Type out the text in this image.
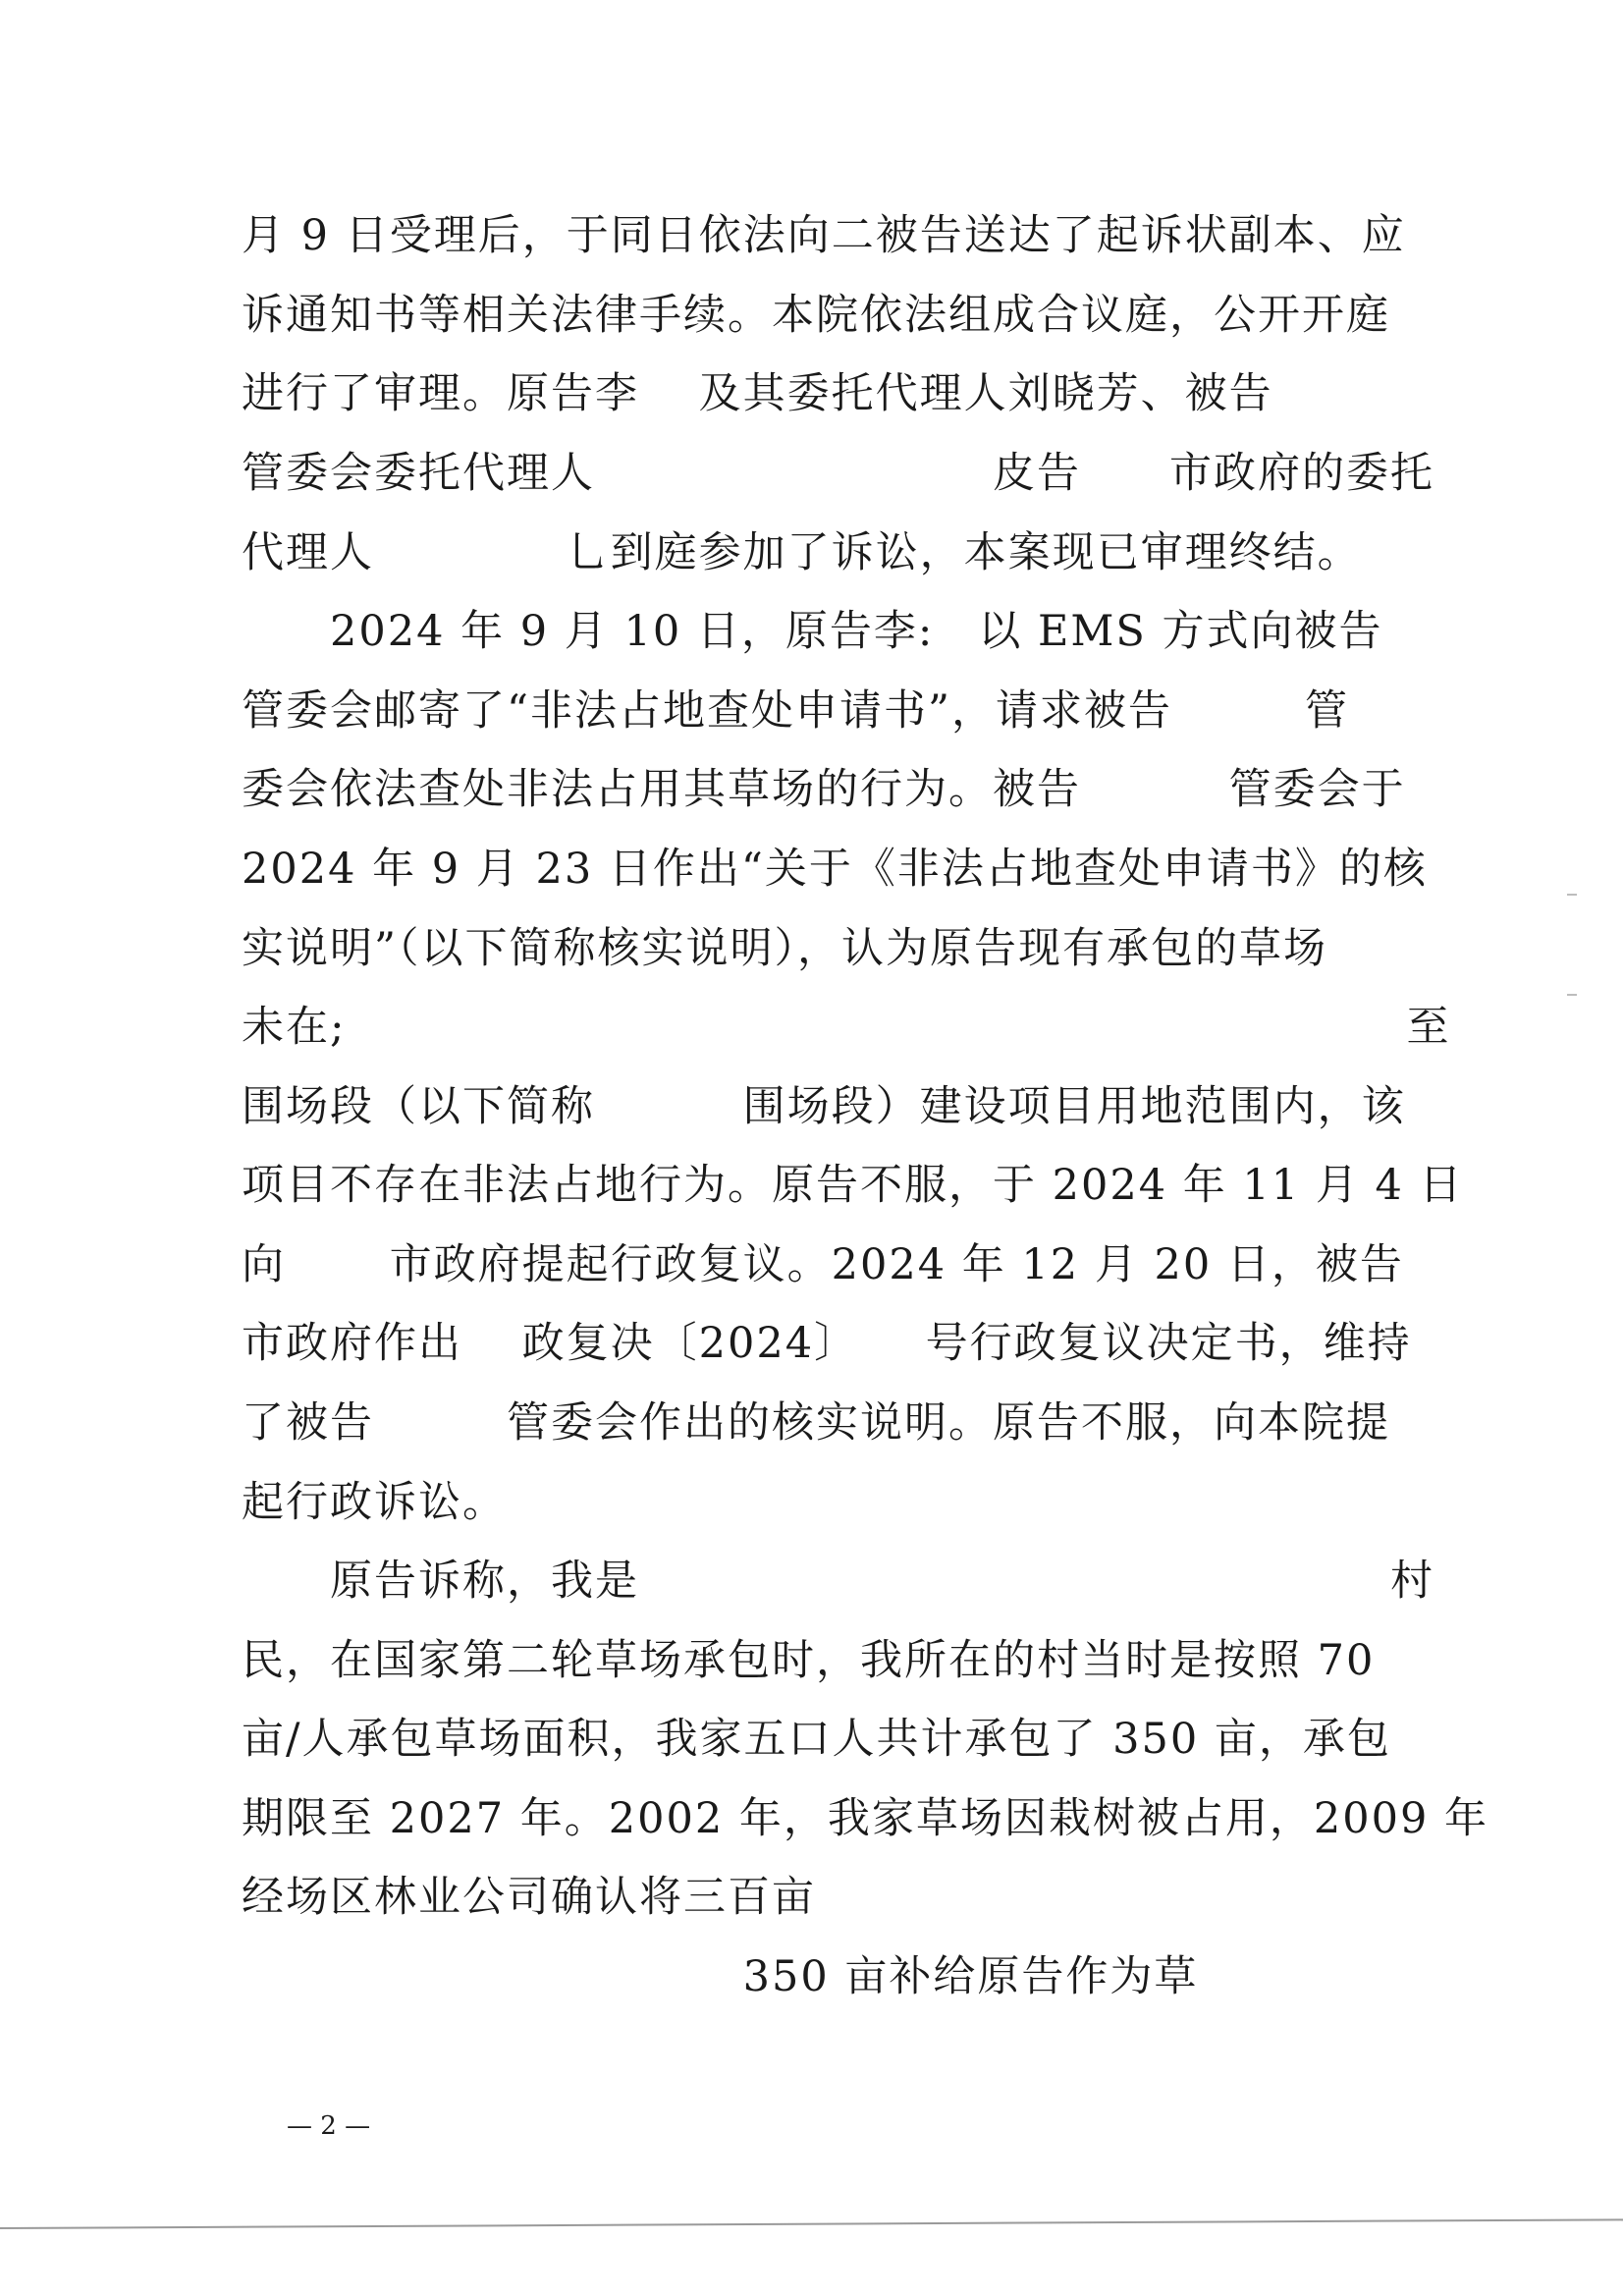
月 9 日受理后，于同日依法向二被告送达了起诉状副本、应
诉通知书等相关法律手续。本院依法组成合议庭，公开开庭
进行了审理。原告李　 及其委托代理人刘晓芳、被告
管委会委托代理人　　　　　　　　　皮告　　市政府的委托
代理人　　　　 乚到庭参加了诉讼，本案现已审理终结。
　　2024 年 9 月 10 日，原告李:　以 EMS 方式向被告
管委会邮寄了“非法占地查处申请书”，请求被告　　　管
委会依法查处非法占用其草场的行为。被告　　　 管委会于
2024 年 9 月 23 日作出“关于《非法占地查处申请书》的核
实说明”（以下简称核实说明），认为原告现有承包的草场
未在;　　　　　　　　　　　　　　　　　　　　　　　　至
围场段（以下简称　　　 围场段）建设项目用地范围内，该
项目不存在非法占地行为。原告不服，于 2024 年 11 月 4 日
向　　 市政府提起行政复议。2024 年 12 月 20 日，被告
市政府作出　 政复决〔2024〕　　号行政复议决定书，维持
了被告　　　管委会作出的核实说明。原告不服，向本院提
起行政诉讼。
　　原告诉称，我是　　　　　　　　　　　　　　　　　村
民，在国家第二轮草场承包时，我所在的村当时是按照 70
亩/人承包草场面积，我家五口人共计承包了 350 亩，承包
期限至 2027 年。2002 年，我家草场因栽树被占用，2009 年
经场区林业公司确认将三百亩
　　　　　　　　　　　 350 亩补给原告作为草
— 2 —
